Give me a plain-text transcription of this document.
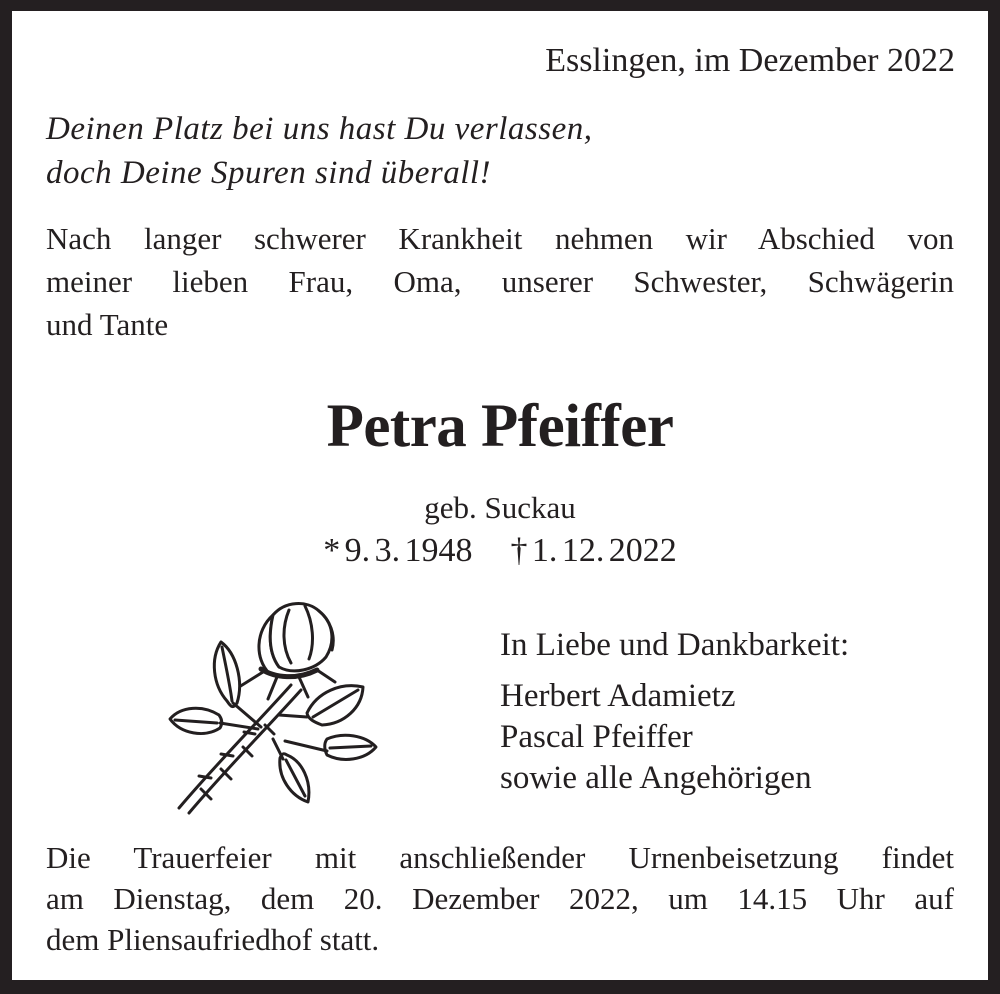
Esslingen, im Dezember 2022
Deinen Platz bei uns hast Du verlassen,
doch Deine Spuren sind überall!
Nach langer schwerer Krankheit nehmen wir Abschied von
meiner lieben Frau, Oma, unserer Schwester, Schwägerin
und Tante
Petra Pfeiffer
geb. Suckau
* 9. 3. 1948 † 1. 12. 2022
In Liebe und Dankbarkeit:
Herbert Adamietz
Pascal Pfeiffer
sowie alle Angehörigen
Die Trauerfeier mit anschließender Urnenbeisetzung findet
am Dienstag, dem 20. Dezember 2022, um 14.15 Uhr auf
dem Pliensaufriedhof statt.
